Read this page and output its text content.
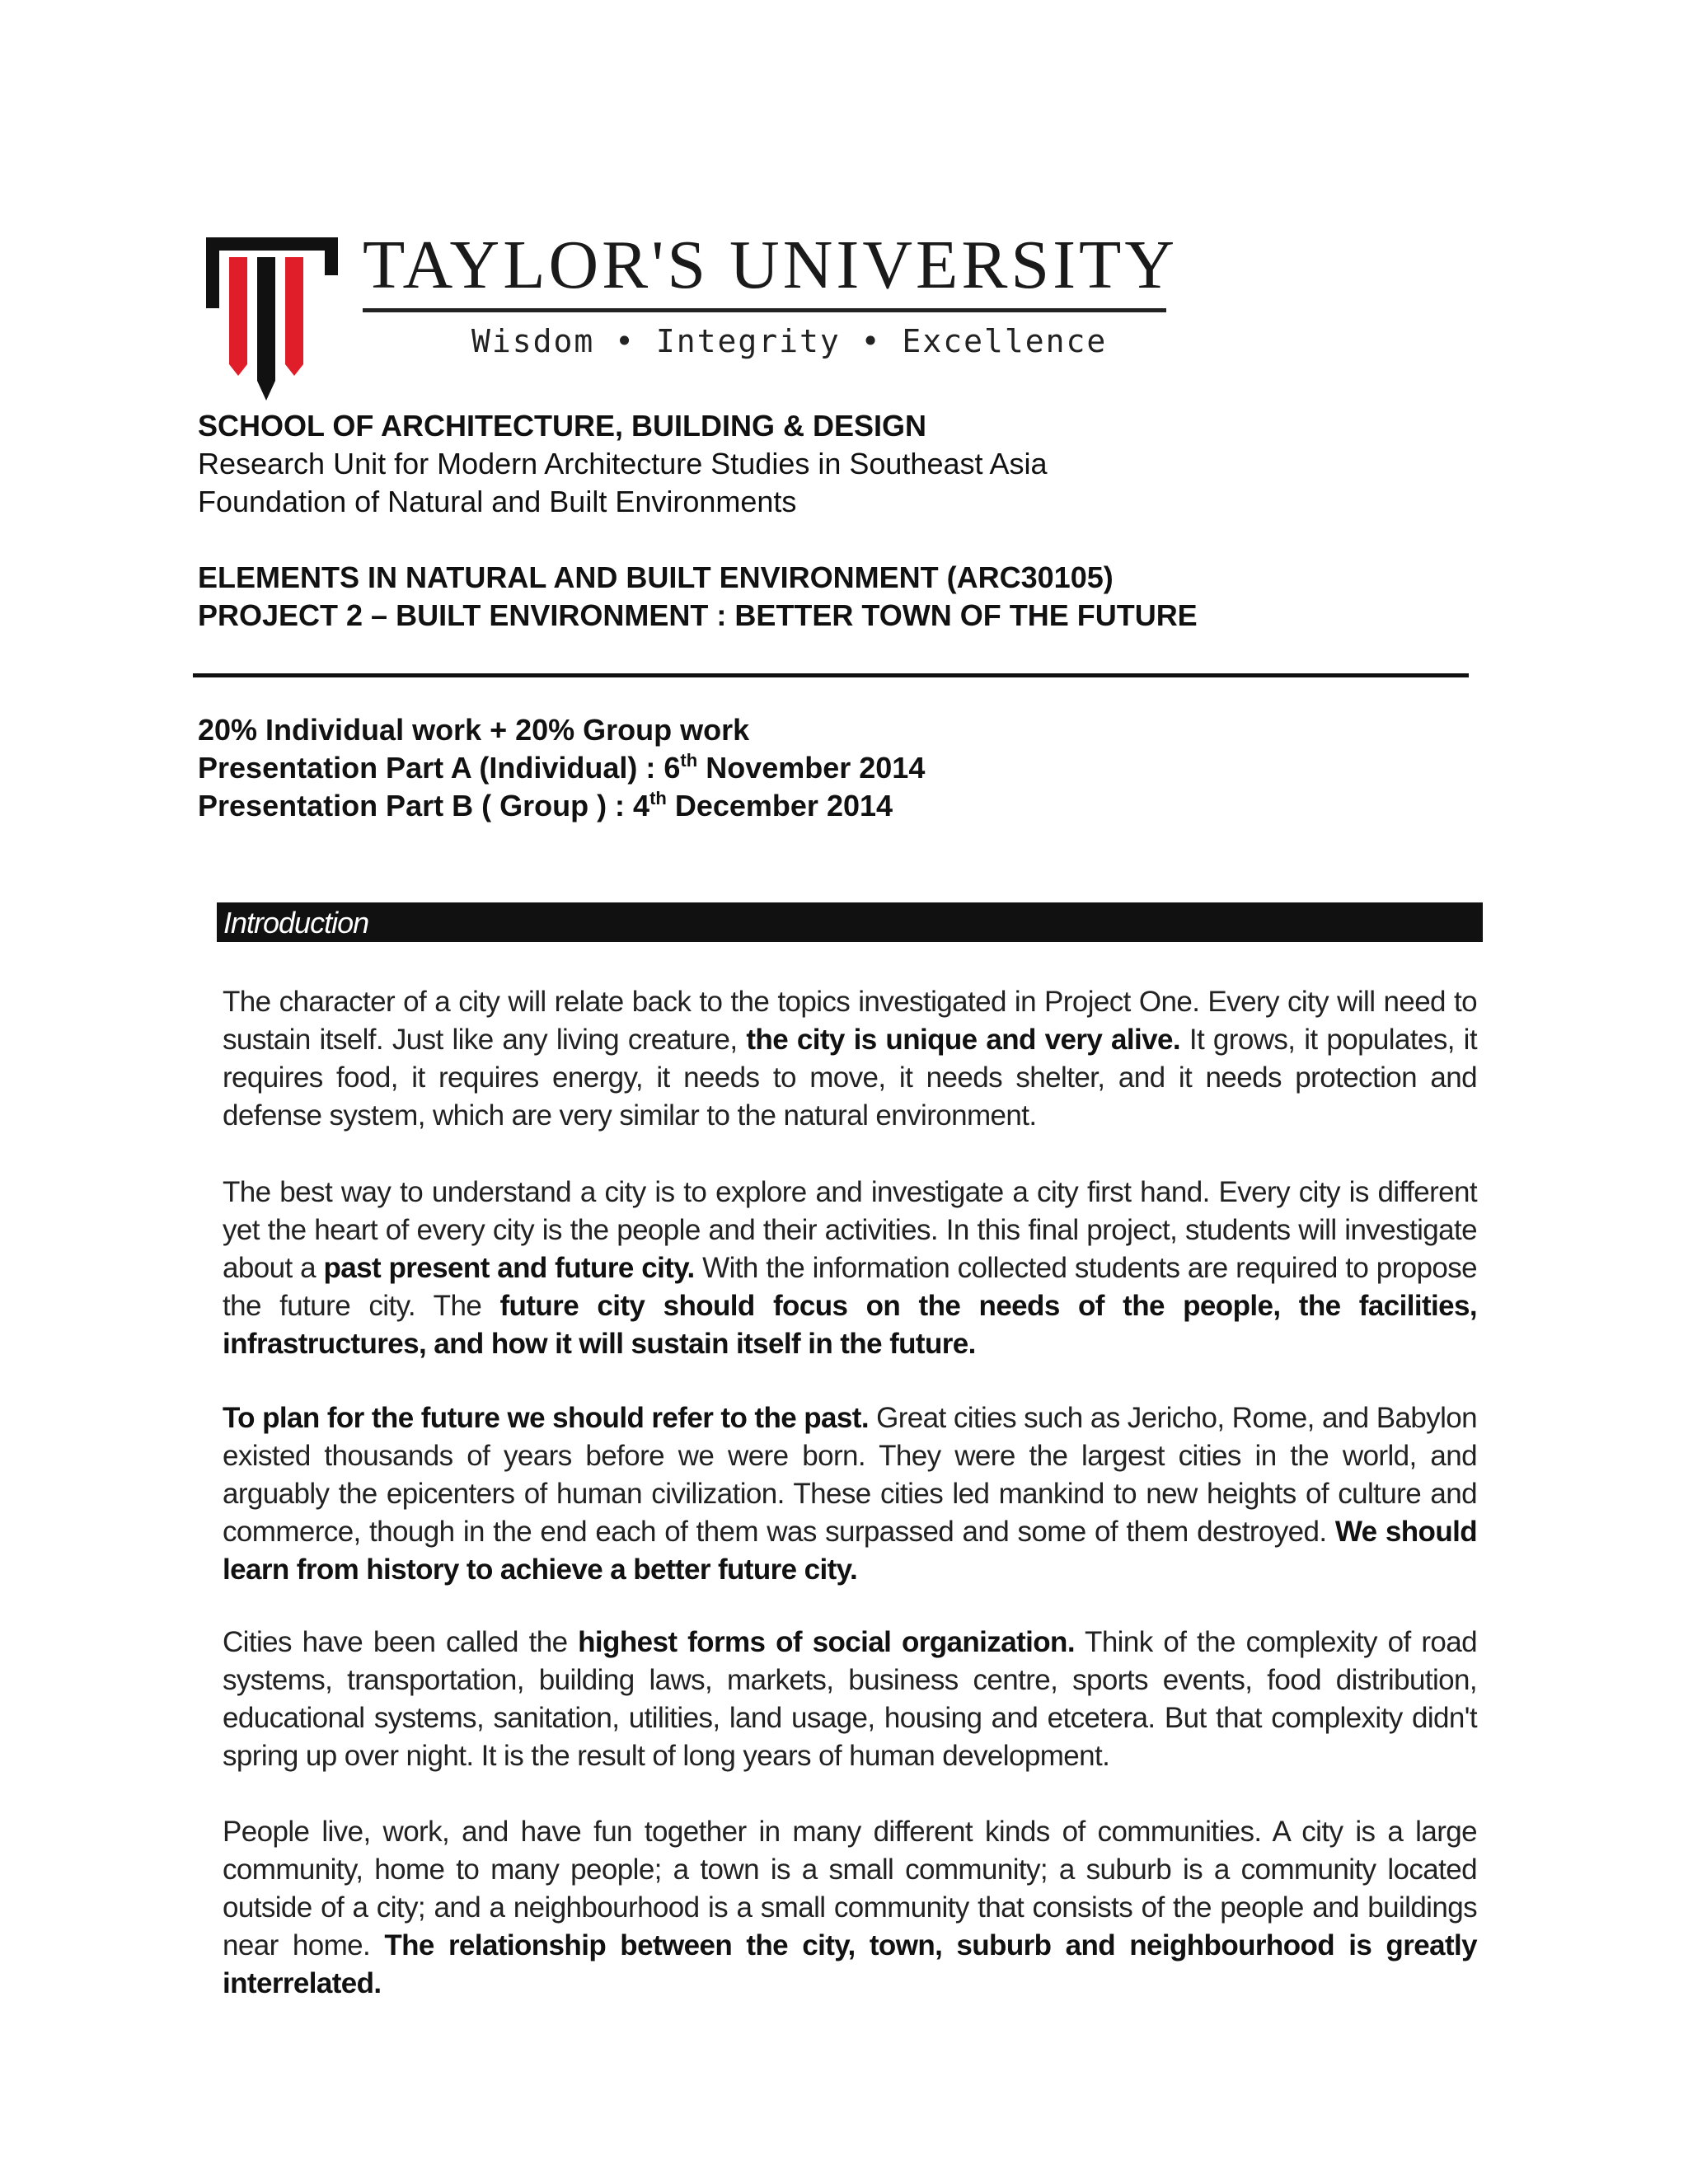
TAYLOR'S UNIVERSITY
Wisdom • Integrity • Excellence
SCHOOL OF ARCHITECTURE, BUILDING & DESIGN
Research Unit for Modern Architecture Studies in Southeast Asia
Foundation of Natural and Built Environments
ELEMENTS IN NATURAL AND BUILT ENVIRONMENT (ARC30105)
PROJECT 2 – BUILT ENVIRONMENT : BETTER TOWN OF THE FUTURE
20% Individual work + 20% Group work
Presentation Part A (Individual) : 6th November 2014
Presentation Part B ( Group ) : 4th December 2014
Introduction
The character of a city will relate back to the topics investigated in Project One. Every city will need to sustain itself. Just like any living creature, the city is unique and very alive. It grows, it populates, it requires food, it requires energy, it needs to move, it needs shelter, and it needs protection and defense system, which are very similar to the natural environment.
The best way to understand a city is to explore and investigate a city first hand. Every city is different yet the heart of every city is the people and their activities. In this final project, students will investigate about a past present and future city. With the information collected students are required to propose the future city. The future city should focus on the needs of the people, the facilities, infrastructures, and how it will sustain itself in the future.
To plan for the future we should refer to the past. Great cities such as Jericho, Rome, and Babylon existed thousands of years before we were born. They were the largest cities in the world, and arguably the epicenters of human civilization. These cities led mankind to new heights of culture and commerce, though in the end each of them was surpassed and some of them destroyed. We should learn from history to achieve a better future city.
Cities have been called the highest forms of social organization. Think of the complexity of road systems, transportation, building laws, markets, business centre, sports events, food distribution, educational systems, sanitation, utilities, land usage, housing and etcetera. But that complexity didn't spring up over night. It is the result of long years of human development.
People live, work, and have fun together in many different kinds of communities. A city is a large community, home to many people; a town is a small community; a suburb is a community located outside of a city; and a neighbourhood is a small community that consists of the people and buildings near home. The relationship between the city, town, suburb and neighbourhood is greatly interrelated.
